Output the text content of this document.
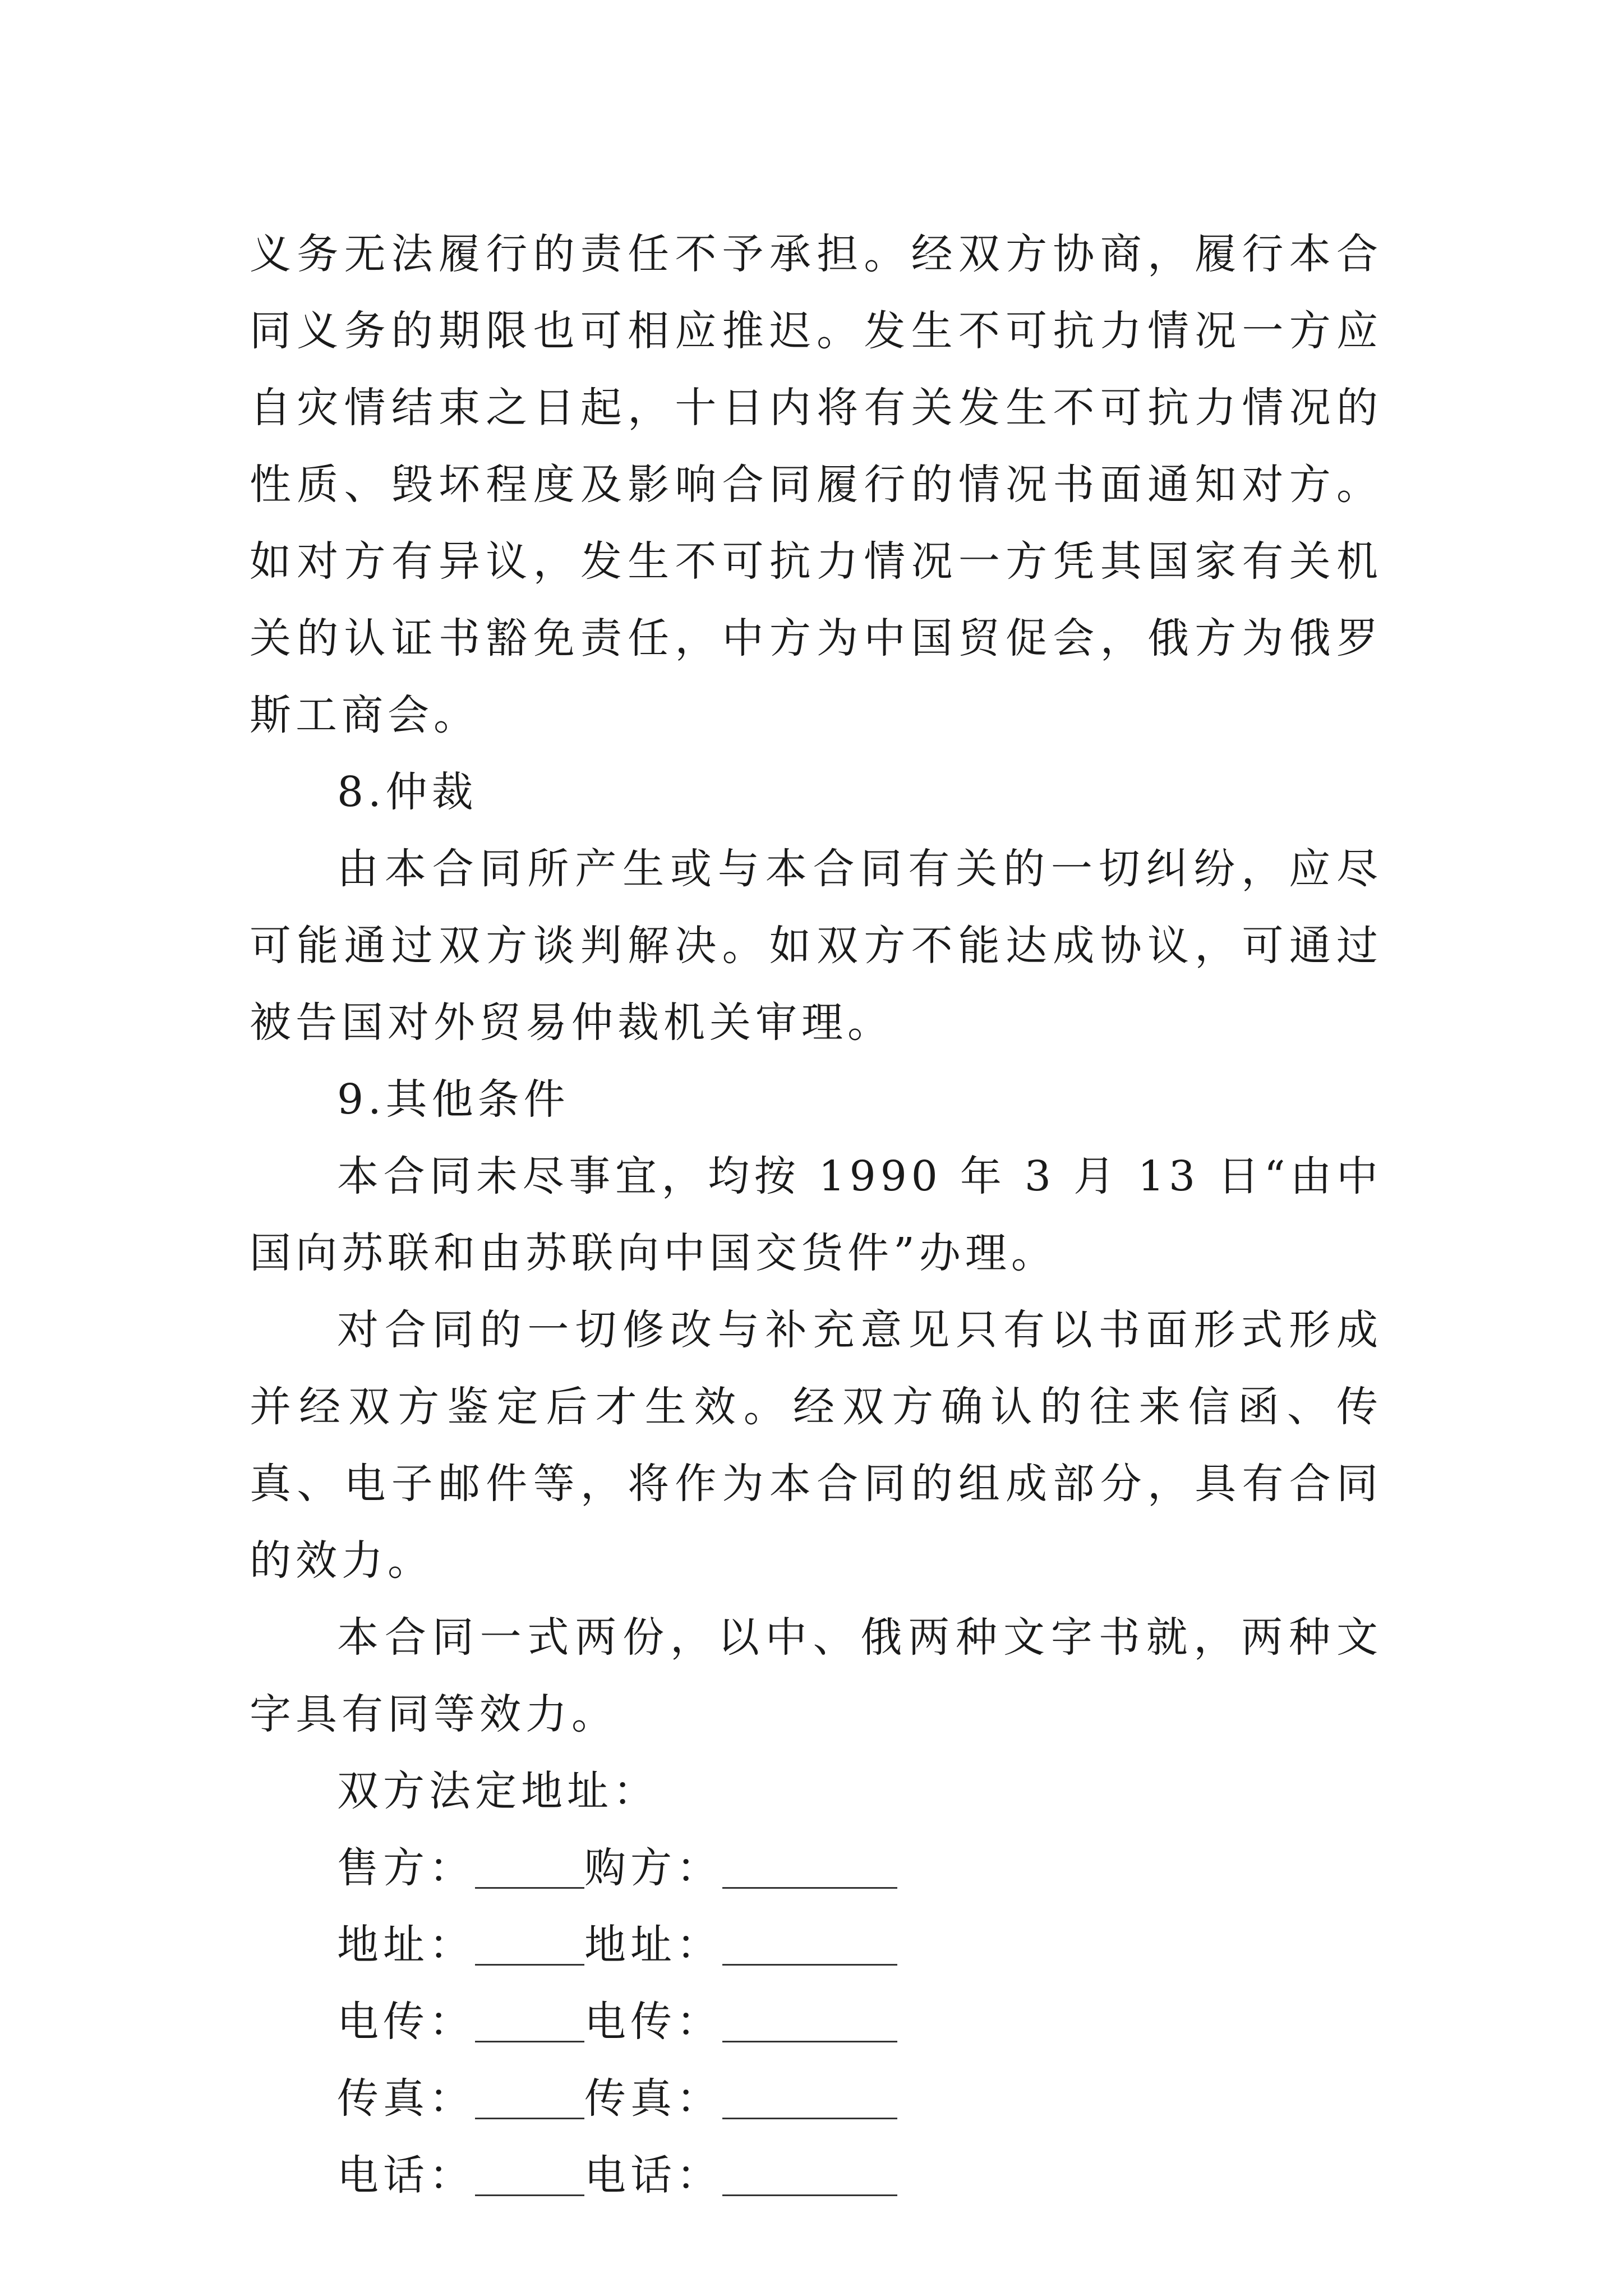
义务无法履行的责任不予承担。经双方协商，履行本合同义务的期限也可相应推迟。发生不可抗力情况一方应自灾情结束之日起，十日内将有关发生不可抗力情况的性质、毁坏程度及影响合同履行的情况书面通知对方。如对方有异议，发生不可抗力情况一方凭其国家有关机关的认证书豁免责任，中方为中国贸促会，俄方为俄罗斯工商会。

8.仲裁

由本合同所产生或与本合同有关的一切纠纷，应尽可能通过双方谈判解决。如双方不能达成协议，可通过被告国对外贸易仲裁机关审理。

9.其他条件

本合同未尽事宜，均按 1990 年 3 月 13 日“由中国向苏联和由苏联向中国交货件”办理。

对合同的一切修改与补充意见只有以书面形式形成并经双方鉴定后才生效。经双方确认的往来信函、传真、电子邮件等，将作为本合同的组成部分，具有合同的效力。

本合同一式两份，以中、俄两种文字书就，两种文字具有同等效力。

双方法定地址：

售方：	购方：
地址：	地址：
电传：	电传：
传真：	传真：
电话：	电话：
